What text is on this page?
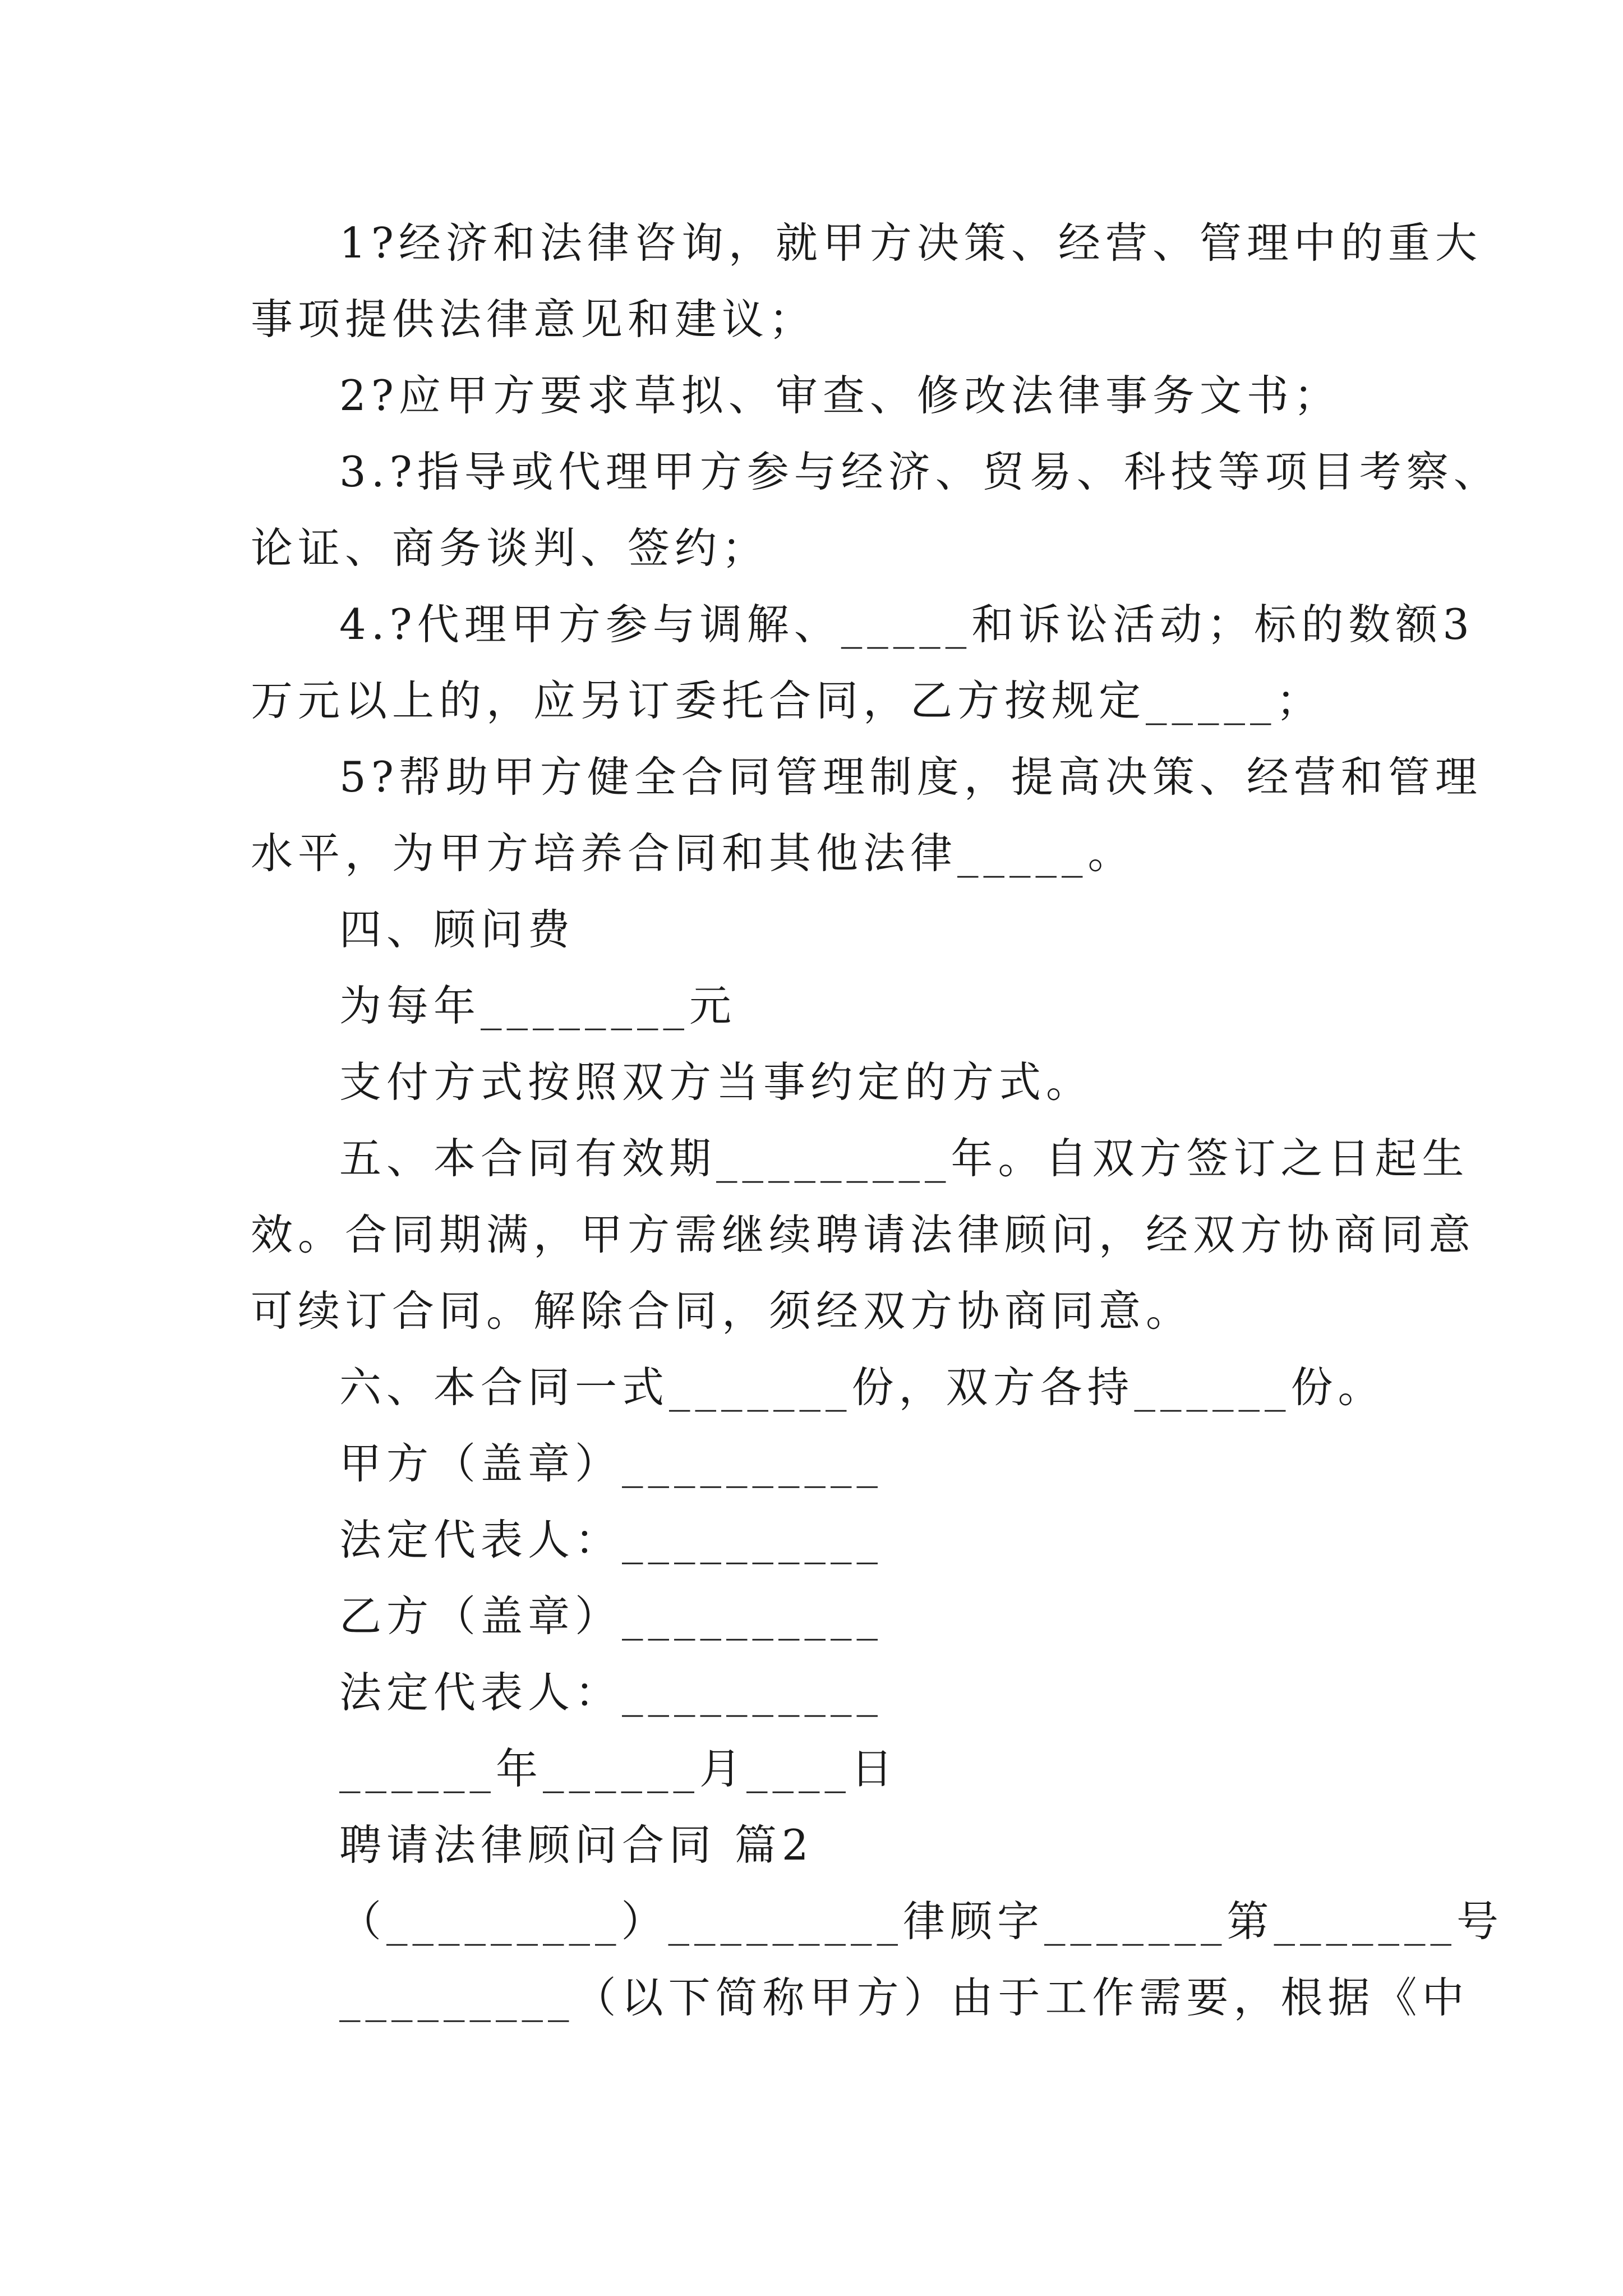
1?经济和法律咨询，就甲方决策、经营、管理中的重大
事项提供法律意见和建议；
2?应甲方要求草拟、审查、修改法律事务文书；
3.?指导或代理甲方参与经济、贸易、科技等项目考察、
论证、商务谈判、签约；
4.?代理甲方参与调解、_____和诉讼活动；标的数额3
万元以上的，应另订委托合同，乙方按规定_____；
5?帮助甲方健全合同管理制度，提高决策、经营和管理
水平，为甲方培养合同和其他法律_____。
四、顾问费
为每年________元
支付方式按照双方当事约定的方式。
五、本合同有效期_________年。自双方签订之日起生
效。合同期满，甲方需继续聘请法律顾问，经双方协商同意
可续订合同。解除合同，须经双方协商同意。
六、本合同一式_______份，双方各持______份。
甲方（盖章）__________
法定代表人：__________
乙方（盖章）__________
法定代表人：__________
______年______月____日
聘请法律顾问合同 篇2
（_________）_________律顾字_______第_______号
_________（以下简称甲方）由于工作需要，根据《中
